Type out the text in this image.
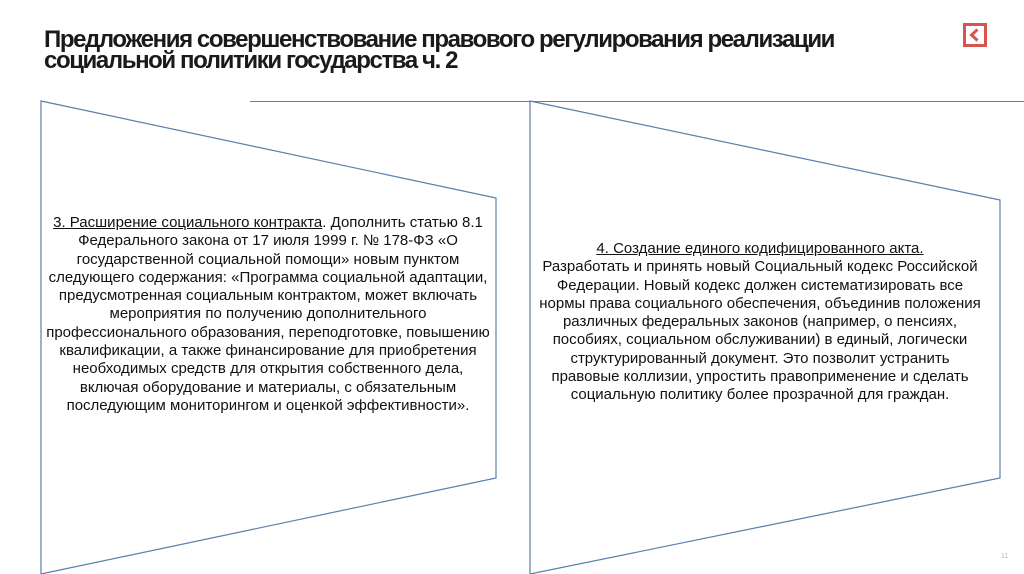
Предложения совершенствование правового регулирования реализации
социальной политики государства ч. 2

3. Расширение социального контракта. Дополнить статью 8.1 Федерального закона от 17 июля 1999 г. № 178-ФЗ «О государственной социальной помощи» новым пунктом следующего содержания: «Программа социальной адаптации, предусмотренная социальным контрактом, может включать мероприятия по получению дополнительного профессионального образования, переподготовке, повышению квалификации, а также финансирование для приобретения необходимых средств для открытия собственного дела, включая оборудование и материалы, с обязательным последующим мониторингом и оценкой эффективности».

4. Создание единого кодифицированного акта.
Разработать и принять новый Социальный кодекс Российской Федерации. Новый кодекс должен систематизировать все нормы права социального обеспечения, объединив положения различных федеральных законов (например, о пенсиях, пособиях, социальном обслуживании) в единый, логически структурированный документ. Это позволит устранить правовые коллизии, упростить правоприменение и сделать социальную политику более прозрачной для граждан.

11
